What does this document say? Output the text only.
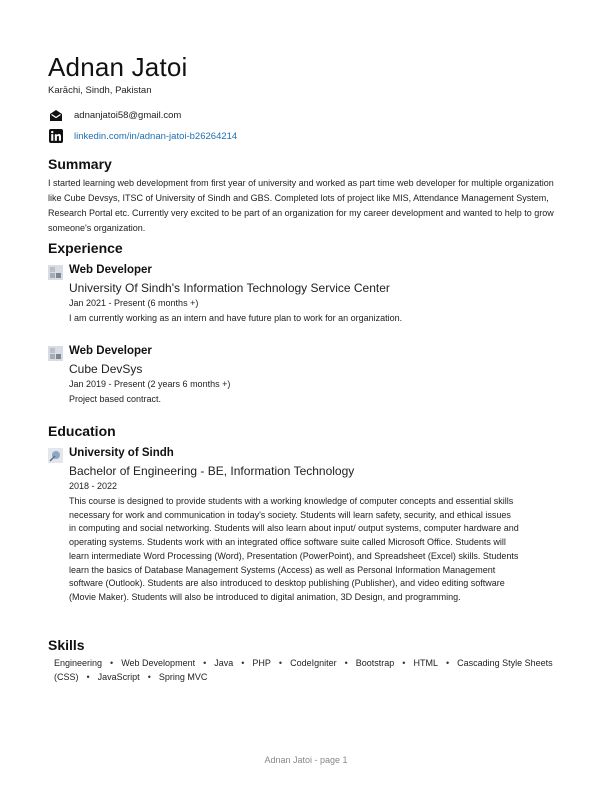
Adnan Jatoi
Karāchi, Sindh, Pakistan
adnanjatoi58@gmail.com
linkedin.com/in/adnan-jatoi-b26264214
Summary
I started learning web development from first year of university and worked as part time web developer for multiple organization like Cube Devsys, ITSC of University of Sindh and GBS. Completed lots of project like MIS, Attendance Management System, Research Portal etc. Currently very excited to be part of an organization for my career development and wanted to help to grow someone's organization.
Experience
Web Developer
University Of Sindh's Information Technology Service Center
Jan 2021 - Present (6 months +)
I am currently working as an intern and have future plan to work for an organization.
Web Developer
Cube DevSys
Jan 2019 - Present (2 years 6 months +)
Project based contract.
Education
University of Sindh
Bachelor of Engineering - BE, Information Technology
2018 - 2022
This course is designed to provide students with a working knowledge of computer concepts and essential skills necessary for work and communication in today's society. Students will learn safety, security, and ethical issues in computing and social networking. Students will also learn about input/ output systems, computer hardware and operating systems. Students work with an integrated office software suite called Microsoft Office. Students will learn intermediate Word Processing (Word), Presentation (PowerPoint), and Spreadsheet (Excel) skills. Students learn the basics of Database Management Systems (Access) as well as Personal Information Management software (Outlook). Students are also introduced to desktop publishing (Publisher), and video editing software (Movie Maker). Students will also be introduced to digital animation, 3D Design, and programming.
Skills
Engineering • Web Development • Java • PHP • CodeIgniter • Bootstrap • HTML • Cascading Style Sheets (CSS) • JavaScript • Spring MVC
Adnan Jatoi - page 1
